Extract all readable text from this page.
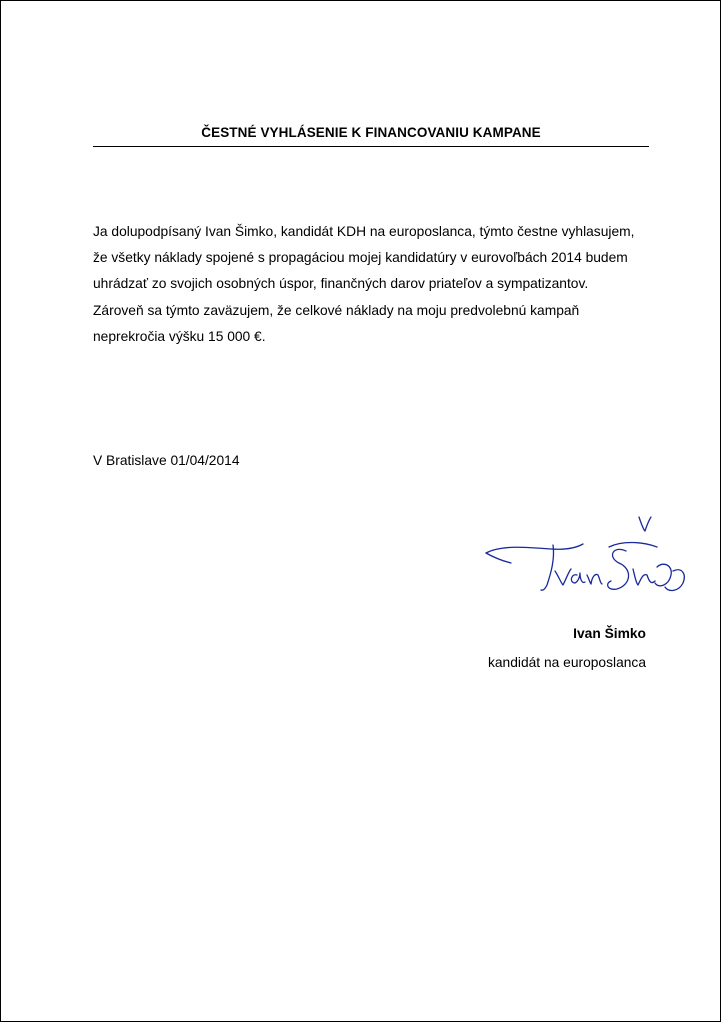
ČESTNÉ VYHLÁSENIE K FINANCOVANIU KAMPANE
Ja dolupodpísaný Ivan Šimko, kandidát KDH na europoslanca, týmto čestne vyhlasujem,
že všetky náklady spojené s propagáciou mojej kandidatúry v eurovoľbách 2014 budem
uhrádzať zo svojich osobných úspor, finančných darov priateľov a sympatizantov.
Zároveň sa týmto zaväzujem, že celkové náklady na moju predvolebnú kampaň
neprekročia výšku 15 000 €.
V Bratislave 01/04/2014
Ivan Šimko
kandidát na europoslanca
